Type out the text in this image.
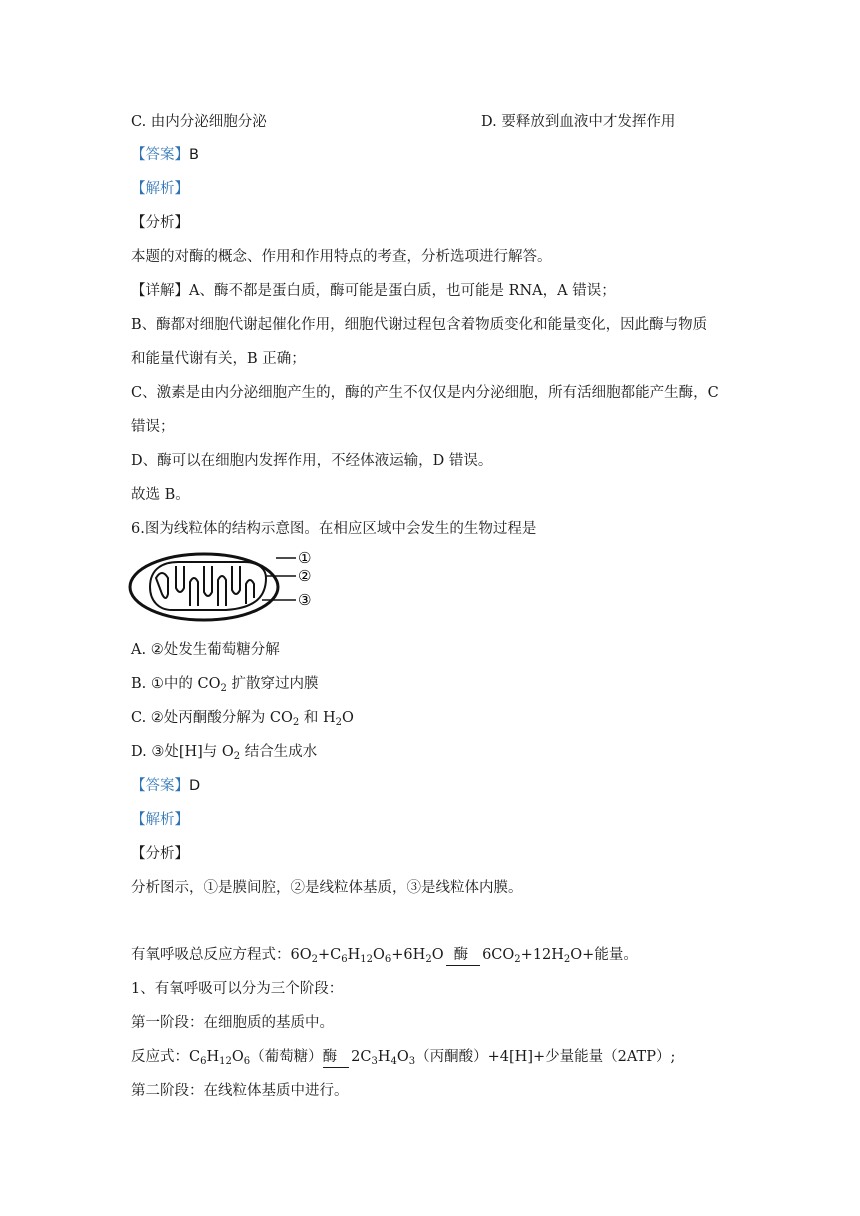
C. 由内分泌细胞分泌	D. 要释放到血液中才发挥作用
【答案】B
【解析】
【分析】
本题的对酶的概念、作用和作用特点的考查，分析选项进行解答。
【详解】A、酶不都是蛋白质，酶可能是蛋白质，也可能是 RNA，A 错误；
B、酶都对细胞代谢起催化作用，细胞代谢过程包含着物质变化和能量变化，因此酶与物质
和能量代谢有关，B 正确；
C、激素是由内分泌细胞产生的，酶的产生不仅仅是内分泌细胞，所有活细胞都能产生酶，C
错误；
D、酶可以在细胞内发挥作用，不经体液运输，D 错误。
故选 B。
6.图为线粒体的结构示意图。在相应区域中会发生的生物过程是
①
②
③
A. ②处发生葡萄糖分解
B. ①中的 $CO_2$ 扩散穿过内膜
C. ②处丙酮酸分解为 $CO_2$ 和 $H_2O$
D. ③处[H]与 $O_2$ 结合生成水
【答案】D
【解析】
【分析】
分析图示，①是膜间腔，②是线粒体基质，③是线粒体内膜。
有氧呼吸总反应方程式：$6O_2+C_6H_{12}O_6+6H_2O$ 酶 $6CO_2+12H_2O+$能量。
1、有氧呼吸可以分为三个阶段：
第一阶段：在细胞质的基质中。
反应式：$C_6H_{12}O_6$（葡萄糖）酶 $2C_3H_4O_3$（丙酮酸）+4[H]+少量能量（2ATP）;
第二阶段：在线粒体基质中进行。
